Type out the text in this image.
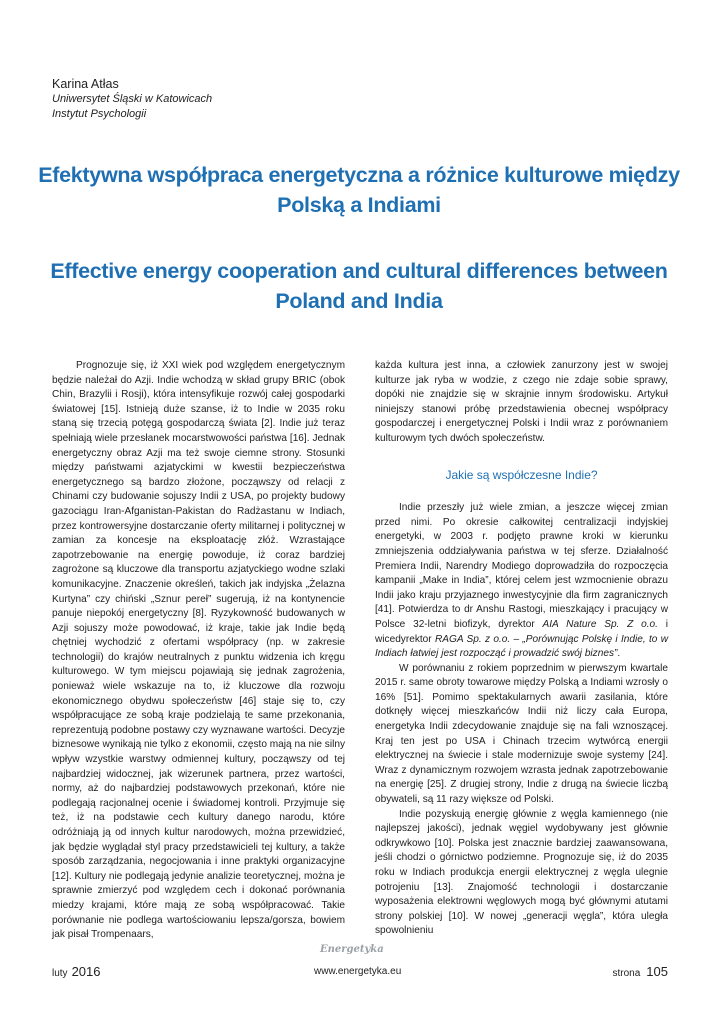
Karina Atłas
Uniwersytet Śląski w Katowicach
Instytut Psychologii
Efektywna współpraca energetyczna a różnice kulturowe między Polską a Indiami
Effective energy cooperation and cultural differences between Poland and India

Prognozuje się, iż XXI wiek pod względem energetycznym będzie należał do Azji. Indie wchodzą w skład grupy BRIC (obok Chin, Brazylii i Rosji), która intensyfikuje rozwój całej gospodarki światowej [15]. Istnieją duże szanse, iż to Indie w 2035 roku staną się trzecią potęgą gospodarczą świata [2]. Indie już teraz spełniają wiele przesłanek mocarstwowości państwa [16]. Jednak energetyczny obraz Azji ma też swoje ciemne strony. Stosunki między państwami azjatyckimi w kwestii bezpieczeństwa energetycznego są bardzo złożone, począwszy od relacji z Chinami czy budowanie sojuszy Indii z USA, po projekty budowy gazociągu Iran-Afganistan-Pakistan do Radżastanu w Indiach, przez kontrowersyjne dostarczanie oferty militarnej i politycznej w zamian za koncesje na eksploatację złóż. Wzrastające zapotrzebowanie na energię powoduje, iż coraz bardziej zagrożone są kluczowe dla transportu azjatyckiego wodne szlaki komunikacyjne. Znaczenie określeń, takich jak indyjska „Żelazna Kurtyna” czy chiński „Sznur pereł” sugerują, iż na kontynencie panuje niepokój energetyczny [8]. Ryzykowność budowanych w Azji sojuszy może powodować, iż kraje, takie jak Indie będą chętniej wychodzić z ofertami współpracy (np. w zakresie technologii) do krajów neutralnych z punktu widzenia ich kręgu kulturowego. W tym miejscu pojawiają się jednak zagrożenia, ponieważ wiele wskazuje na to, iż kluczowe dla rozwoju ekonomicznego obydwu społeczeństw [46] staje się to, czy współpracujące ze sobą kraje podzielają te same przekonania, reprezentują podobne postawy czy wyznawane wartości. Decyzje biznesowe wynikają nie tylko z ekonomii, często mają na nie silny wpływ wzystkie warstwy odmiennej kultury, począwszy od tej najbardziej widocznej, jak wizerunek partnera, przez wartości, normy, aż do najbardziej podstawowych przekonań, które nie podlegają racjonalnej ocenie i świadomej kontroli. Przyjmuje się też, iż na podstawie cech kultury danego narodu, które odróżniają ją od innych kultur narodowych, można przewidzieć, jak będzie wyglądał styl pracy przedstawicieli tej kultury, a także sposób zarządzania, negocjowania i inne praktyki organizacyjne [12]. Kultury nie podlegają jedynie analizie teoretycznej, można je sprawnie zmierzyć pod względem cech i dokonać porównania miedzy krajami, które mają ze sobą współpracować. Takie porównanie nie podlega wartościowaniu lepsza/gorsza, bowiem jak pisał Trompenaars,

każda kultura jest inna, a człowiek zanurzony jest w swojej kulturze jak ryba w wodzie, z czego nie zdaje sobie sprawy, dopóki nie znajdzie się w skrajnie innym środowisku. Artykuł niniejszy stanowi próbę przedstawienia obecnej współpracy gospodarczej i energetycznej Polski i Indii wraz z porównaniem kulturowym tych dwóch społeczeństw.

Jakie są współczesne Indie?

Indie przeszły już wiele zmian, a jeszcze więcej zmian przed nimi. Po okresie całkowitej centralizacji indyjskiej energetyki, w 2003 r. podjęto prawne kroki w kierunku zmniejszenia oddziaływania państwa w tej sferze. Działalność Premiera Indii, Narendry Modiego doprowadziła do rozpoczęcia kampanii „Make in India”, której celem jest wzmocnienie obrazu Indii jako kraju przyjaznego inwestycyjnie dla firm zagranicznych [41]. Potwierdza to dr Anshu Rastogi, mieszkający i pracujący w Polsce 32-letni biofizyk, dyrektor AIA Nature Sp. Z o.o. i wicedyrektor RAGA Sp. z o.o. – „Porównując Polskę i Indie, to w Indiach łatwiej jest rozpocząć i prowadzić swój biznes”.

W porównaniu z rokiem poprzednim w pierwszym kwartale 2015 r. same obroty towarowe między Polską a Indiami wzrosły o 16% [51]. Pomimo spektakularnych awarii zasilania, które dotknęły więcej mieszkańców Indii niż liczy cała Europa, energetyka Indii zdecydowanie znajduje się na fali wznoszącej. Kraj ten jest po USA i Chinach trzecim wytwórcą energii elektrycznej na świecie i stale modernizuje swoje systemy [24]. Wraz z dynamicznym rozwojem wzrasta jednak zapotrzebowanie na energię [25]. Z drugiej strony, Indie z drugą na świecie liczbą obywateli, są 11 razy większe od Polski.

Indie pozyskują energię głównie z węgla kamiennego (nie najlepszej jakości), jednak węgiel wydobywany jest głównie odkrywkowo [10]. Polska jest znacznie bardziej zaawansowana, jeśli chodzi o górnictwo podziemne. Prognozuje się, iż do 2035 roku w Indiach produkcja energii elektrycznej z węgla ulegnie potrojeniu [13]. Znajomość technologii i dostarczanie wyposażenia elektrowni węglowych mogą być głównymi atutami strony polskiej [10]. W nowej „generacji węgla”, która uległa spowolnieniu

luty 2016
Energetyka
www.energetyka.eu	strona 105
